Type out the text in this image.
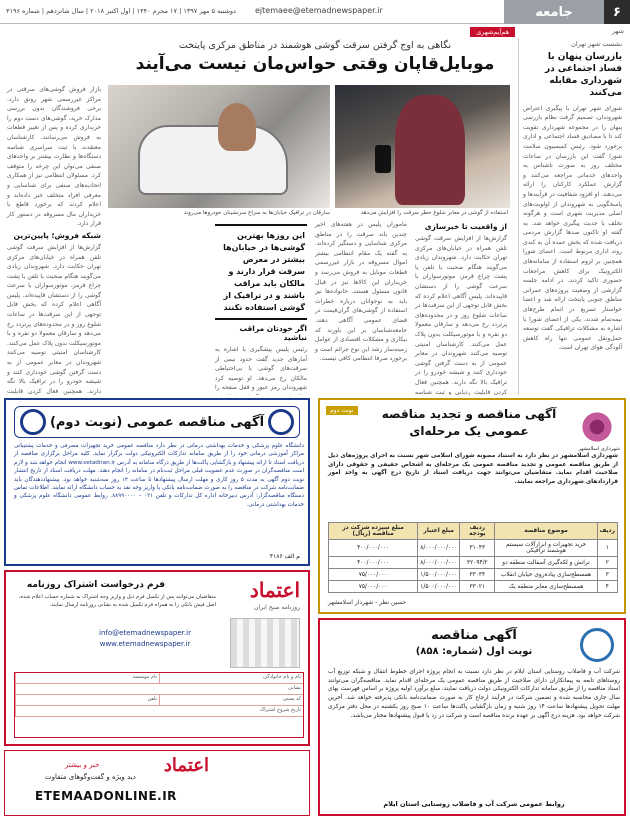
۶
جامعه
ejtemaee@etemadnewspaper.ir
دوشنبه ۵ مهر ۱۳۹۷ | ۱۷ محرم ۱۴۴۰ | اول اکتبر ۲۰۱۸ | سال شانزدهم | شماره ۴۱۹۶
شهر
هم‌آیم‌شهری
نشست شهر تهران
بازرسان پنهان با فساد اجتماعی در شهرداری مقابله می‌کنند

شورای شهر تهران با پیگیری اعتراض شهروندان، تصمیم گرفت نظام بازرسی پنهان را در مجموعه شهرداری تقویت کند تا با مصادیق فساد اجتماعی و اداری برخورد شود. رئیس کمیسیون سلامت شورا گفت این بازرسان در ساعات مختلف روز به صورت ناشناس به واحدهای خدماتی مراجعه می‌کنند و گزارش عملکرد کارکنان را ارائه می‌دهند. او افزود شفافیت در فرآیندها و پاسخگویی به شهروندان از اولویت‌های اصلی مدیریت شهری است و هرگونه تخلف با جدیت پیگیری خواهد شد. به گفته او تاکنون صدها گزارش مردمی دریافت شده که بخش عمده آن به کندی روند اداری مربوط است. اعضای شورا همچنین بر لزوم استفاده از سامانه‌های الکترونیک برای کاهش مراجعات حضوری تاکید کردند. در ادامه جلسه گزارشی از وضعیت پروژه‌های عمرانی مناطق جنوبی پایتخت ارائه شد و اعضا خواستار تسریع در اتمام طرح‌های نیمه‌تمام شدند. یکی از اعضای شورا با اشاره به مشکلات ترافیکی گفت توسعه حمل‌ونقل عمومی تنها راه کاهش آلودگی هوای تهران است.

نگاهی به اوج گرفتن سرقت گوشی هوشمند در مناطق مرکزی پایتخت
موبایل‌قاپان وقتی حواس‌مان نیست می‌آیند
سارقان در ترافیک خیابان‌ها به سراغ سرنشینان خودروها می‌روند	استفاده از گوشی در معابر شلوغ خطر سرقت را افزایش می‌دهد
از واقعیت تا خبرسازی

گزارش‌ها از افزایش سرقت گوشی تلفن همراه در خیابان‌های مرکزی تهران حکایت دارد. شهروندان زیادی می‌گویند هنگام صحبت با تلفن یا پشت چراغ قرمز، موتورسواران با سرعت گوشی را از دستشان قاپیده‌اند. پلیس آگاهی اعلام کرده که بخش قابل توجهی از این سرقت‌ها در ساعات شلوغ روز و در محدوده‌های پرتردد رخ می‌دهد و سارقان معمولا دو نفره و با موتورسیکلت بدون پلاک عمل می‌کنند. کارشناسان امنیتی توصیه می‌کنند شهروندان در معابر عمومی از به دست گرفتن گوشی خودداری کنند و شیشه خودرو را در ترافیک بالا نگه دارند. همچنین فعال کردن قابلیت ردیابی و ثبت شناسه

ماموران پلیس در هفته‌های اخیر چندین باند سرقت را در مناطق مرکزی شناسایی و دستگیر کرده‌اند. به گفته یک مقام انتظامی بیشتر اموال مسروقه در بازار غیررسمی قطعات موبایل به فروش می‌رسد و خریداران این کالاها نیز در قبال قانون مسئول هستند. خانواده‌ها نیز باید به نوجوانان درباره خطرات استفاده از گوشی‌های گران‌قیمت در فضای عمومی آگاهی دهند. جامعه‌شناسان بر این باورند که بیکاری و مشکلات اقتصادی از عوامل زمینه‌ساز رشد این نوع جرائم است و برخورد صرفا انتظامی کافی نیست.

این روزها بهترین گوشی‌ها در خیابان‌ها بیشتر در معرض سرقت قرار دارند و مالکان باید مراقب باشند و در ترافیک از گوشی استفاده نکنند
اگر خودتان مراقب نباشید

رئیس پلیس پیشگیری با اشاره به آمارهای جدید گفت حدود نیمی از سرقت‌های گوشی با بی‌احتیاطی مالکان رخ می‌دهد. او توصیه کرد شهروندان رمز عبور و قفل صفحه را

بازار فروش گوشی‌های سرقتی در مراکز غیررسمی شهر رونق دارد. برخی فروشندگان بدون بررسی مدارک خرید، گوشی‌های دست دوم را خریداری کرده و پس از تغییر قطعات به فروش می‌رسانند. کارشناسان معتقدند با ثبت سراسری شناسه دستگاه‌ها و نظارت بیشتر بر واحدهای صنفی می‌توان این چرخه را متوقف کرد. مسئولان انتظامی نیز از همکاری اتحادیه‌های صنفی برای شناسایی و معرفی افراد متخلف خبر داده‌اند و اعلام کردند که برخورد قاطع با خریداران مال مسروقه در دستور کار قرار دارد.

شبکه فروش؛ پایین‌ترین

گزارش‌ها از افزایش سرقت گوشی تلفن همراه در خیابان‌های مرکزی تهران حکایت دارد. شهروندان زیادی می‌گویند هنگام صحبت با تلفن یا پشت چراغ قرمز، موتورسواران با سرعت گوشی را از دستشان قاپیده‌اند. پلیس آگاهی اعلام کرده که بخش قابل توجهی از این سرقت‌ها در ساعات شلوغ روز و در محدوده‌های پرتردد رخ می‌دهد و سارقان معمولا دو نفره و با موتورسیکلت بدون پلاک عمل می‌کنند. کارشناسان امنیتی توصیه می‌کنند شهروندان در معابر عمومی از به دست گرفتن گوشی خودداری کنند و شیشه خودرو را در ترافیک بالا نگه دارند. همچنین فعال کردن قابلیت

آگهی مناقصه عمومی (نوبت دوم)
دانشگاه علوم پزشکی و خدمات بهداشتی درمانی در نظر دارد مناقصه عمومی خرید تجهیزات مصرفی و خدمات پشتیبانی مراکز آموزشی درمانی خود را از طریق سامانه تدارکات الکترونیکی دولت برگزار نماید. کلیه مراحل برگزاری مناقصه از دریافت اسناد تا ارائه پیشنهاد و بازگشایی پاکت‌ها از طریق درگاه سامانه به آدرس www.setadiran.ir انجام خواهد شد و لازم است مناقصه‌گران در صورت عدم عضویت قبلی مراحل ثبت‌نام در سامانه را انجام دهند. مهلت دریافت اسناد از تاریخ انتشار نوبت دوم آگهی به مدت ۵ روز کاری و مهلت ارسال پیشنهادها تا ساعت ۱۴ روز سه‌شنبه خواهد بود. پیشنهاددهندگان باید ضمانت‌نامه شرکت در مناقصه را به صورت ضمانت‌نامه بانکی یا واریز وجه نقد به حساب دانشگاه ارائه نمایند. اطلاعات تماس دستگاه مناقصه‌گزار: آدرس دبیرخانه اداره کل تدارکات و تلفن ۰۲۱ – ۸۸۹۹۰۰۰۰. روابط عمومی دانشگاه علوم پزشکی و خدمات بهداشتی درمانی.
م الف ۴۱۸۶
نوبت دوم
شهرداری اسلامشهر
آگهی مناقصه و تجدید مناقصه عمومی یک مرحله‌ای
شهرداری اسلامشهر در نظر دارد به استناد مصوبه شورای اسلامی شهر نسبت به اجرای پروژه‌های ذیل از طریق مناقصه عمومی و تجدید مناقصه عمومی یک مرحله‌ای به اشخاص حقیقی و حقوقی دارای صلاحیت اقدام نماید. متقاضیان می‌توانند جهت دریافت اسناد از تاریخ درج آگهی به واحد امور قراردادهای شهرداری مراجعه نمایند.
ردیف	موضوع مناقصه	ردیف بودجه	مبلغ اعتبار	مبلغ سپرده شرکت در مناقصه (ریال)
۱	خرید تجهیزات و ابزارآلات سیستم هوشمند ترافیکی	۳۱۰۴۳	۸/۰۰۰/۰۰۰/۰۰۰	۴۰۰/۰۰۰/۰۰۰
۲	ترانش و لکه‌گیری آسفالت منطقه دو	۳۲۰۹۴/۲	۸/۰۰۰/۰۰۰/۰۰۰	۴۰۰/۰۰۰/۰۰۰
۳	همسطح‌سازی پیاده‌روی خیابان انقلاب	۳۳۰۳۴	۱/۵۰۰/۰۰۰/۰۰۰	۷۵/۰۰۰/۰۰۰
۴	همسطح‌سازی معابر منطقه یک	۳۳۰۲۱	۱/۵۰۰/۰۰۰/۰۰۰	۷۵/۰۰۰/۰۰۰
حسین‌ نظر - شهردار اسلامشهر
اعتماد
روزنامه صبح ایران
فرم درخواست اشتراک روزنامه
متقاضیان می‌توانند پس از تکمیل فرم ذیل و واریز وجه اشتراک به شماره حساب اعلام شده، اصل فیش بانکی را به همراه فرم تکمیل شده به نشانی روزنامه ارسال نمایند.
info@etemadnewspaper.ir
www.etemadnewspaper.ir
نام و نام خانوادگی
نام موسسه
نشانی
کد پستی
تلفن
تاریخ شروع اشتراک
اعتماد
خبر و بیشتر
دید ویژه و گفت‌وگوهای متفاوت
ETEMAADONLINE.IR
آگهی مناقصه
نوبت اول (شماره: ۸۵۸)
شرکت آب و فاضلاب روستایی استان ایلام در نظر دارد نسبت به انجام پروژه اجرای خطوط انتقال و شبکه توزیع آب روستاهای تابعه به پیمانکاران دارای صلاحیت از طریق مناقصه عمومی یک مرحله‌ای اقدام نماید. مناقصه‌گران می‌توانند اسناد مناقصه را از طریق سامانه تدارکات الکترونیکی دولت دریافت نمایند. مبلغ برآورد اولیه پروژه بر اساس فهرست بهای سال جاری محاسبه شده و تضمین شرکت در فرآیند ارجاع کار به صورت ضمانت‌نامه بانکی پذیرفته خواهد شد. آخرین مهلت تحویل پیشنهادها ساعت ۱۴ روز شنبه و زمان بازگشایی پاکت‌ها ساعت ۱۰ صبح روز یکشنبه در محل دفتر مرکزی شرکت خواهد بود. هزینه درج آگهی بر عهده برنده مناقصه است و شرکت در رد یا قبول پیشنهادها مختار می‌باشد.
روابط عمومی شرکت آب و فاضلاب روستایی استان ایلام
